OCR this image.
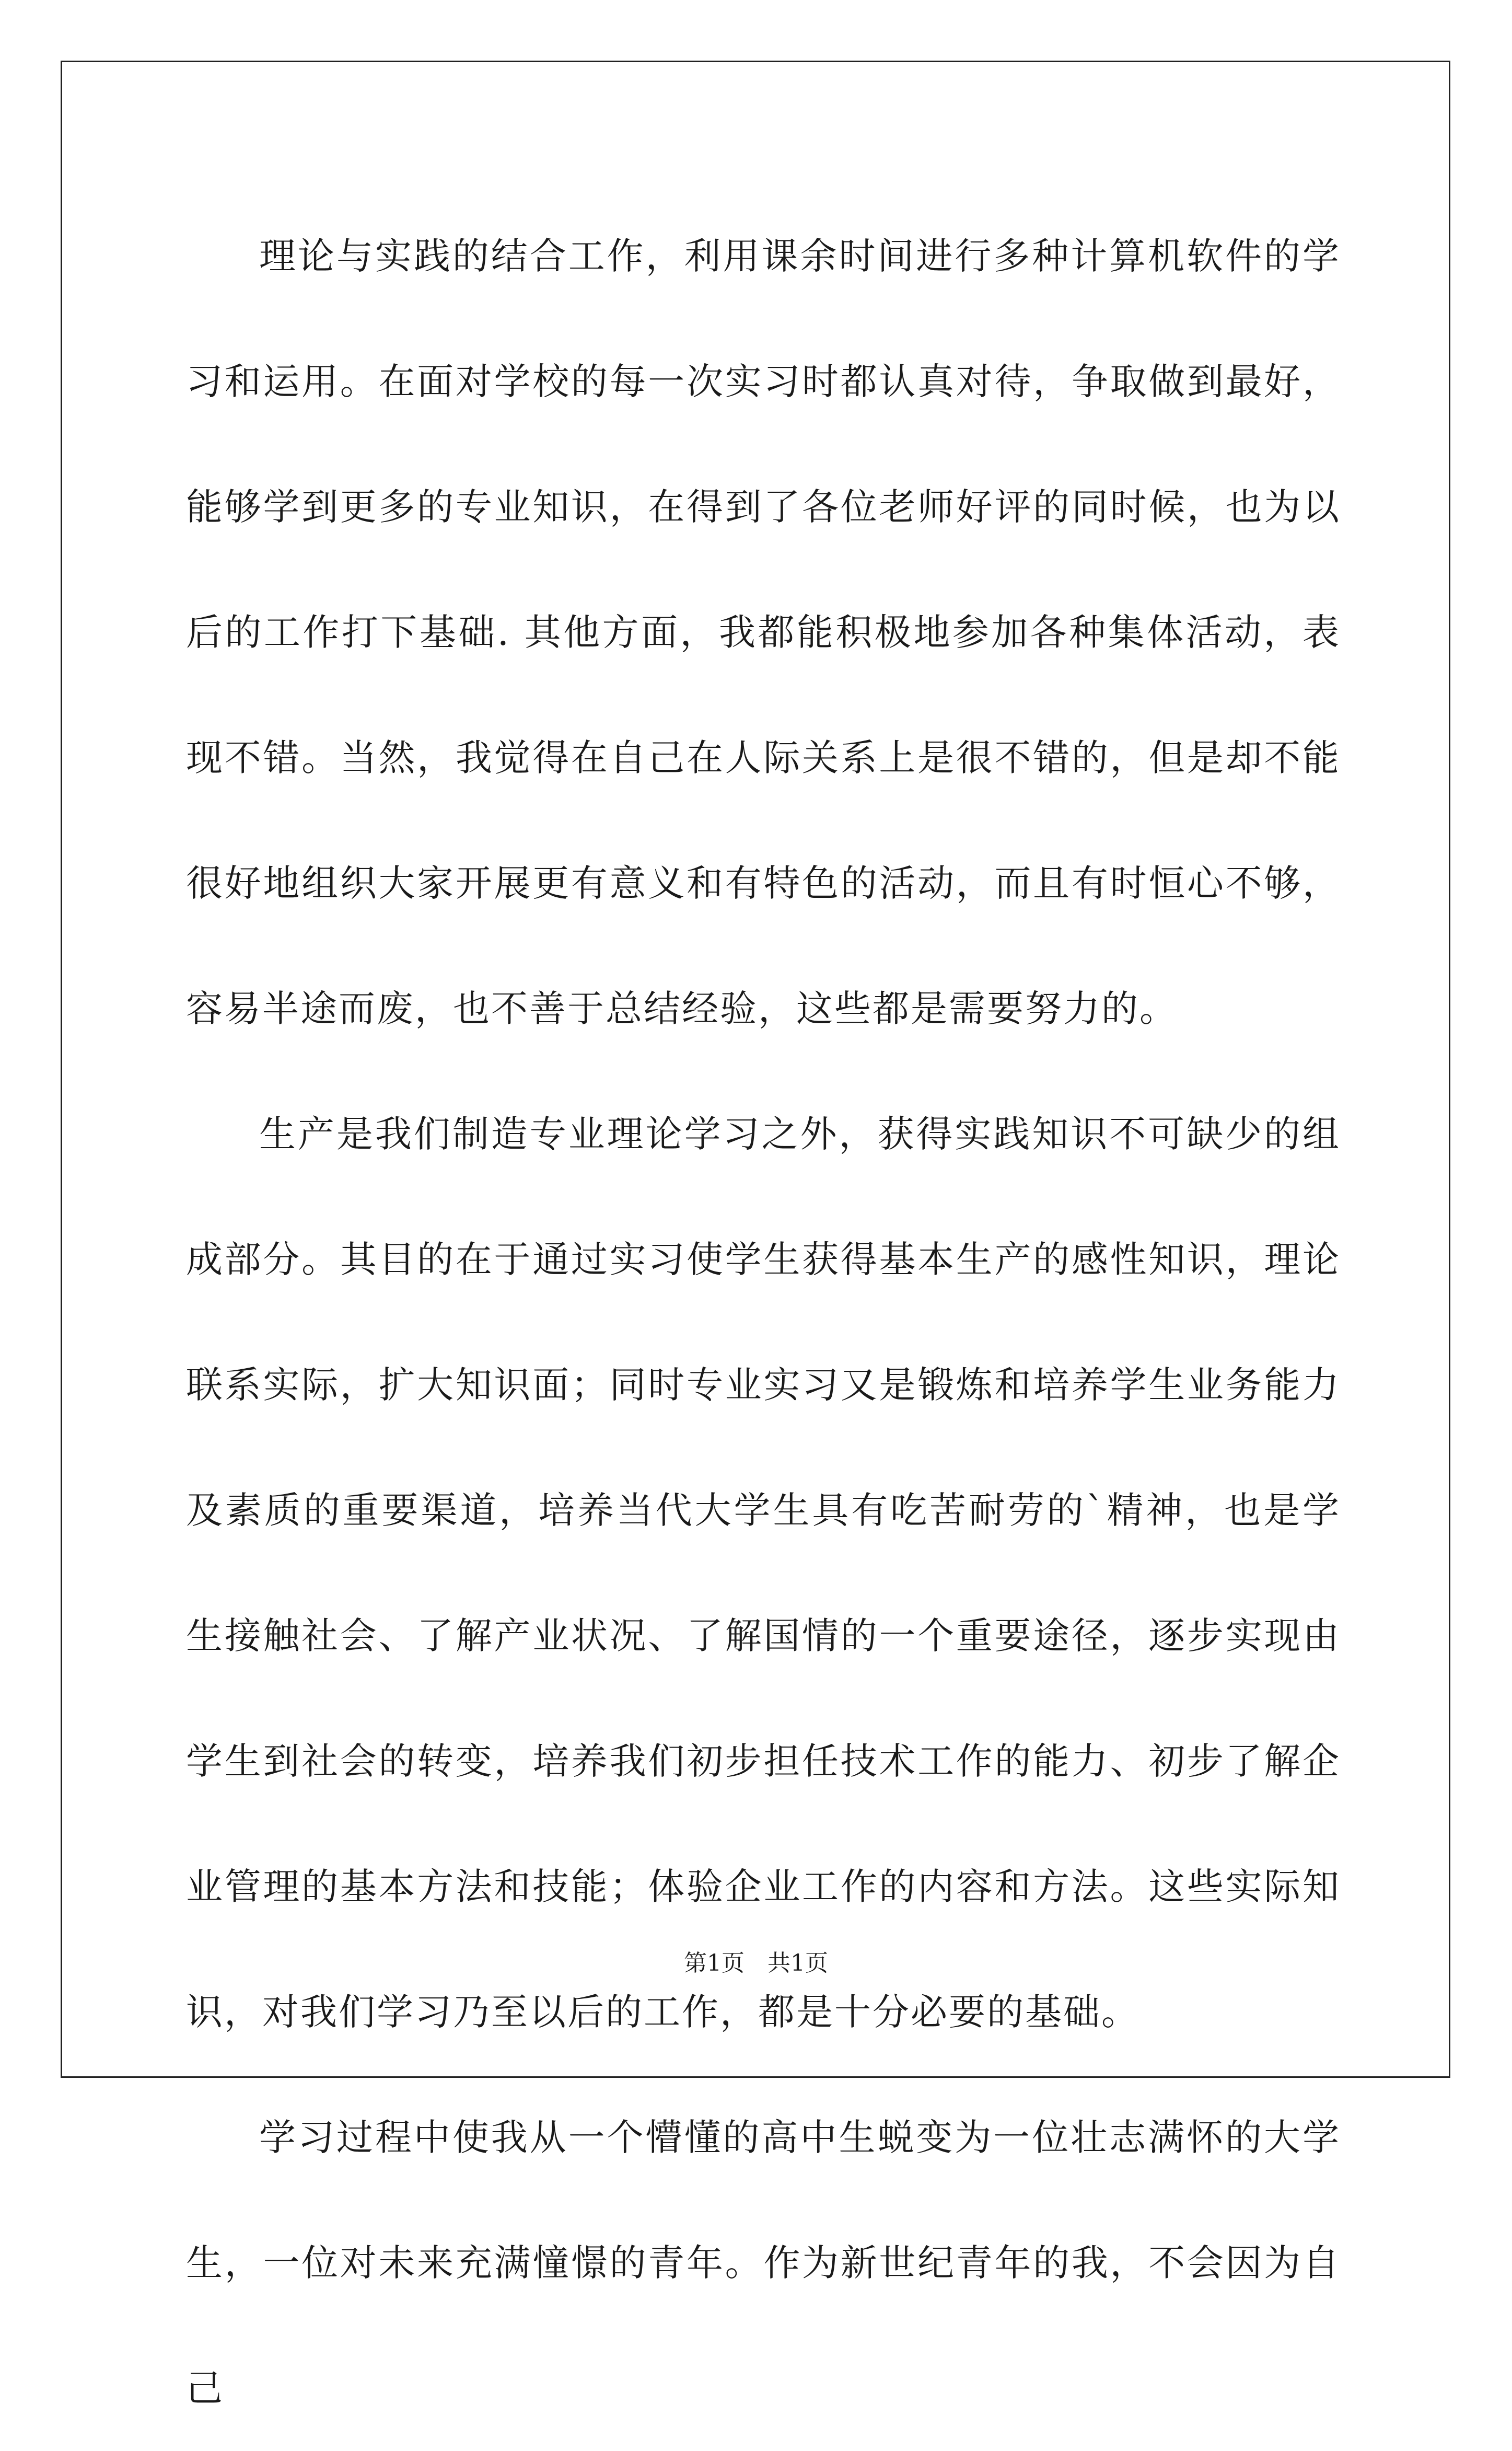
理论与实践的结合工作，利用课余时间进行多种计算机软件的学习和运用。在面对学校的每一次实习时都认真对待，争取做到最好，能够学到更多的专业知识，在得到了各位老师好评的同时候，也为以后的工作打下基础. 其他方面，我都能积极地参加各种集体活动，表现不错。当然，我觉得在自己在人际关系上是很不错的，但是却不能很好地组织大家开展更有意义和有特色的活动，而且有时恒心不够，容易半途而废，也不善于总结经验，这些都是需要努力的。

生产是我们制造专业理论学习之外，获得实践知识不可缺少的组成部分。其目的在于通过实习使学生获得基本生产的感性知识，理论联系实际，扩大知识面；同时专业实习又是锻炼和培养学生业务能力及素质的重要渠道，培养当代大学生具有吃苦耐劳的`精神，也是学生接触社会、了解产业状况、了解国情的一个重要途径，逐步实现由学生到社会的转变，培养我们初步担任技术工作的能力、初步了解企业管理的基本方法和技能；体验企业工作的内容和方法。这些实际知识，对我们学习乃至以后的工作，都是十分必要的基础。

学习过程中使我从一个懵懂的高中生蜕变为一位壮志满怀的大学生，一位对未来充满憧憬的青年。作为新世纪青年的我，不会因为自己

第1页　共1页
